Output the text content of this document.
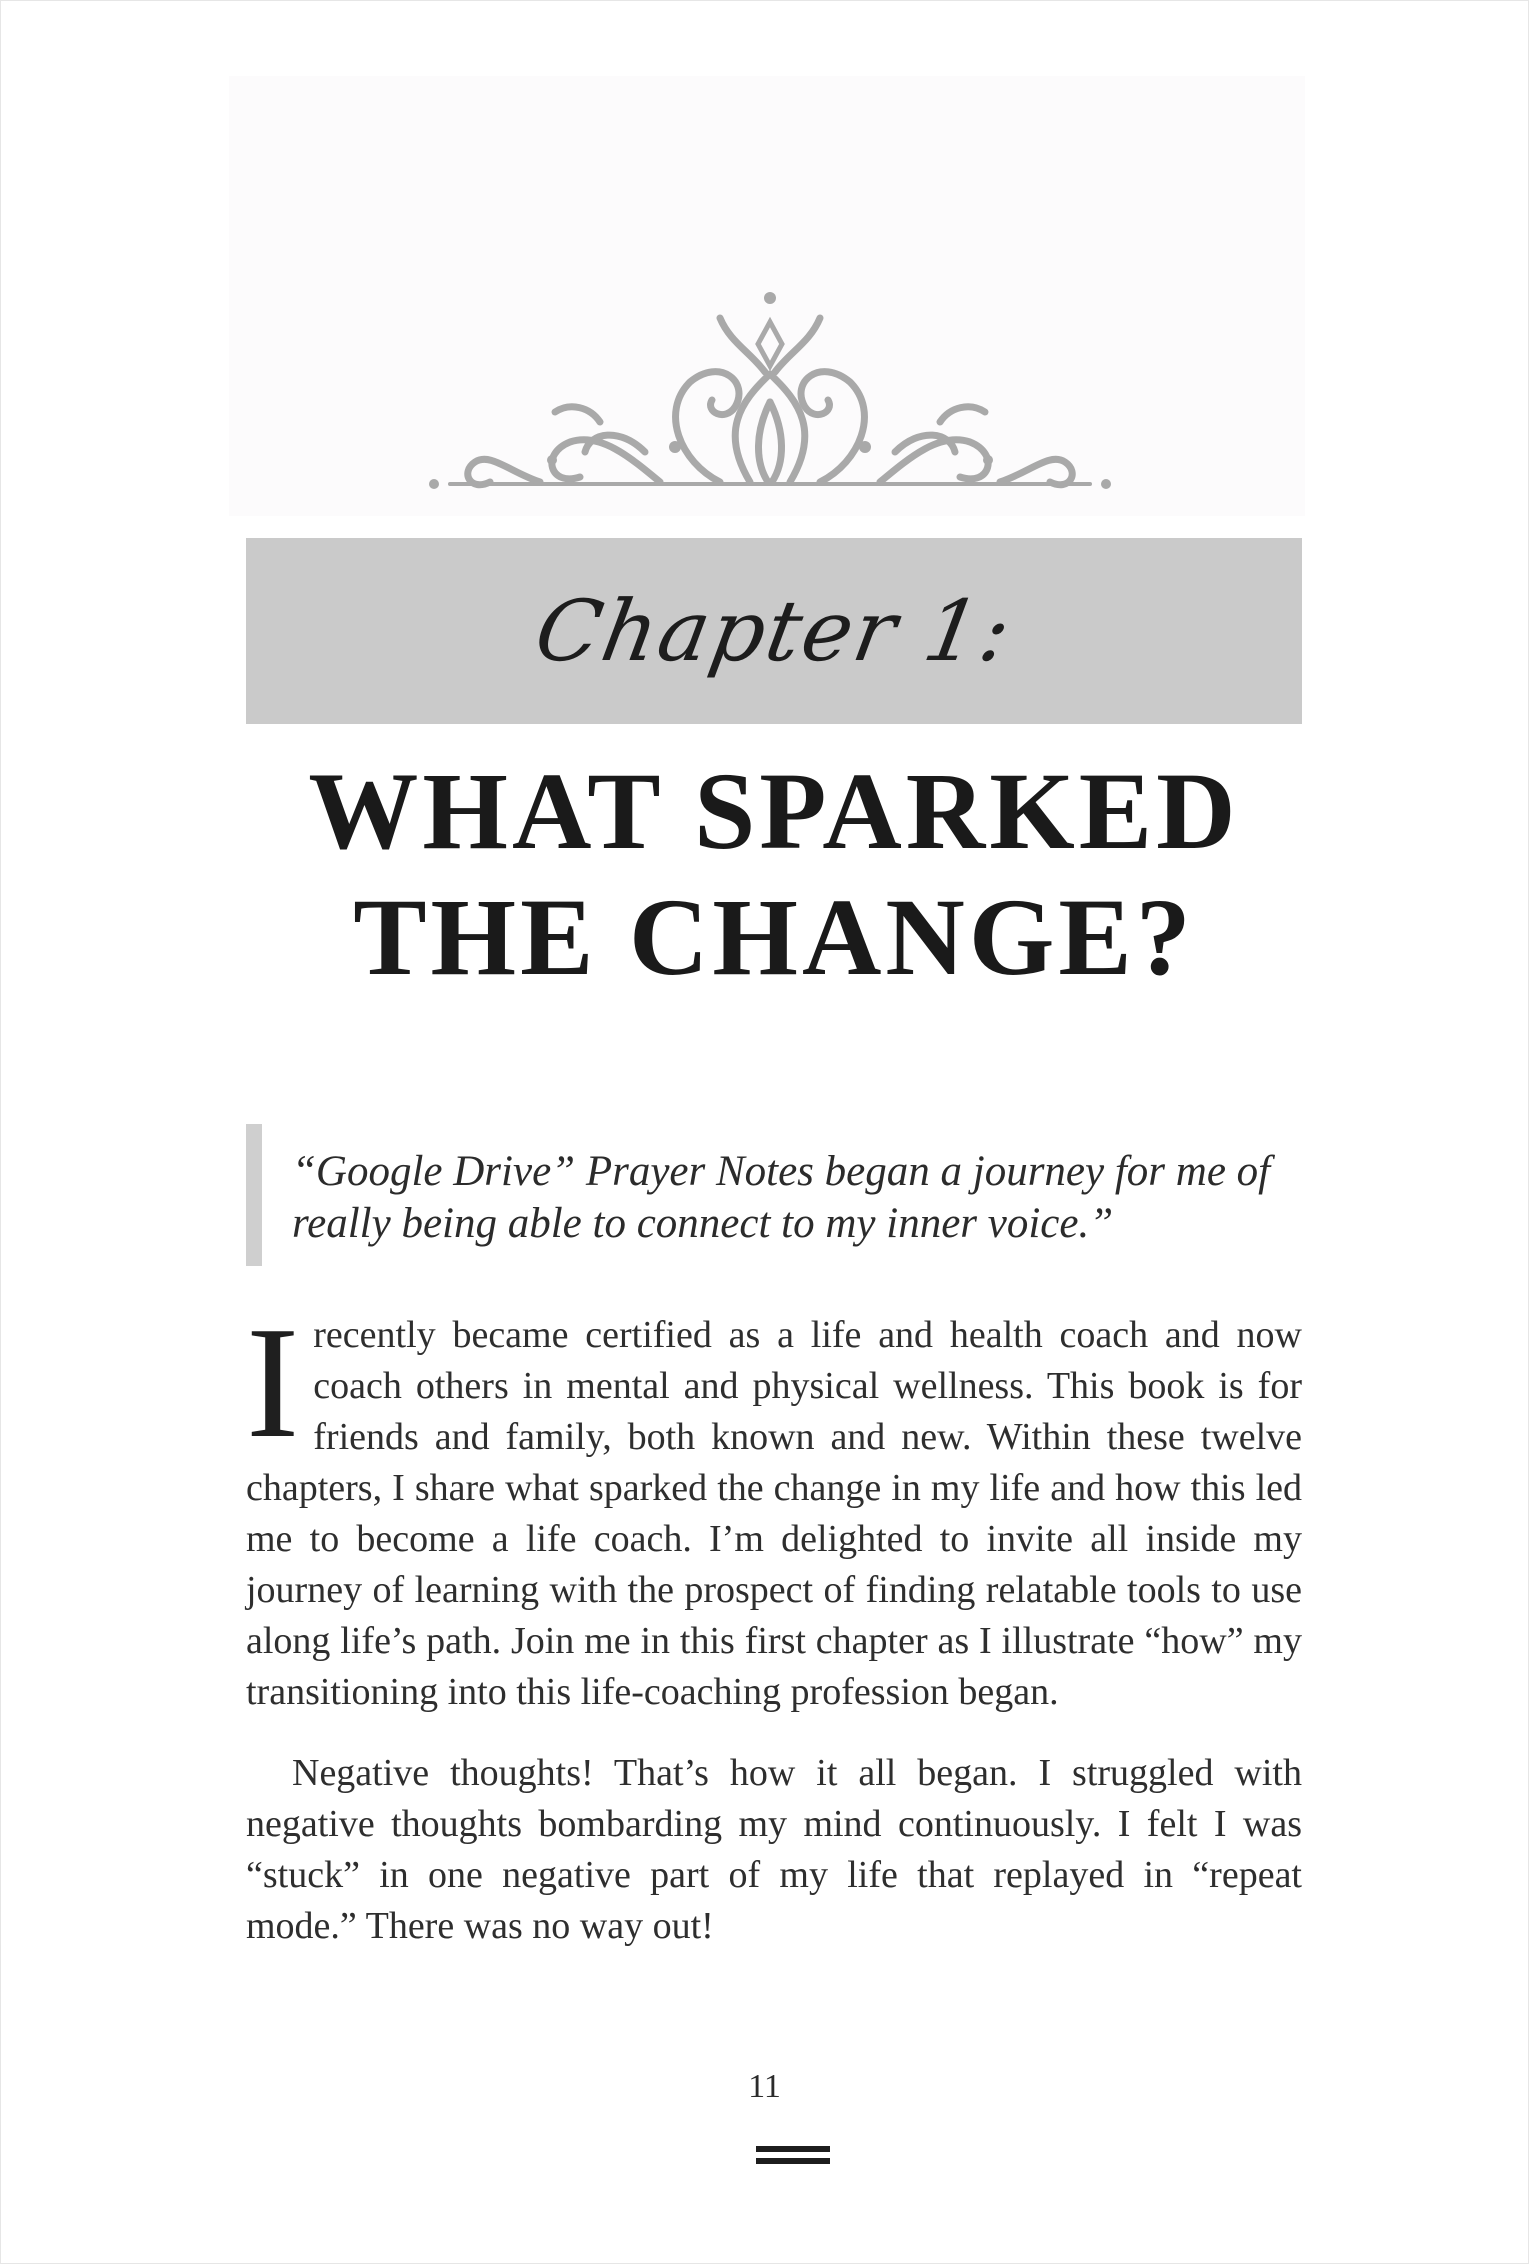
Chapter 1:
WHAT SPARKED
THE CHANGE?

“Google Drive” Prayer Notes began a journey for me of really being able to connect to my inner voice.”

I recently became certified as a life and health coach and now coach others in mental and physical wellness. This book is for friends and family, both known and new. Within these twelve chapters, I share what sparked the change in my life and how this led me to become a life coach. I’m delighted to invite all inside my journey of learning with the prospect of finding relatable tools to use along life’s path. Join me in this first chapter as I illustrate “how” my transitioning into this life-coaching profession began.

Negative thoughts! That’s how it all began. I struggled with negative thoughts bombarding my mind continuously. I felt I was “stuck” in one negative part of my life that replayed in “repeat mode.” There was no way out!

11
